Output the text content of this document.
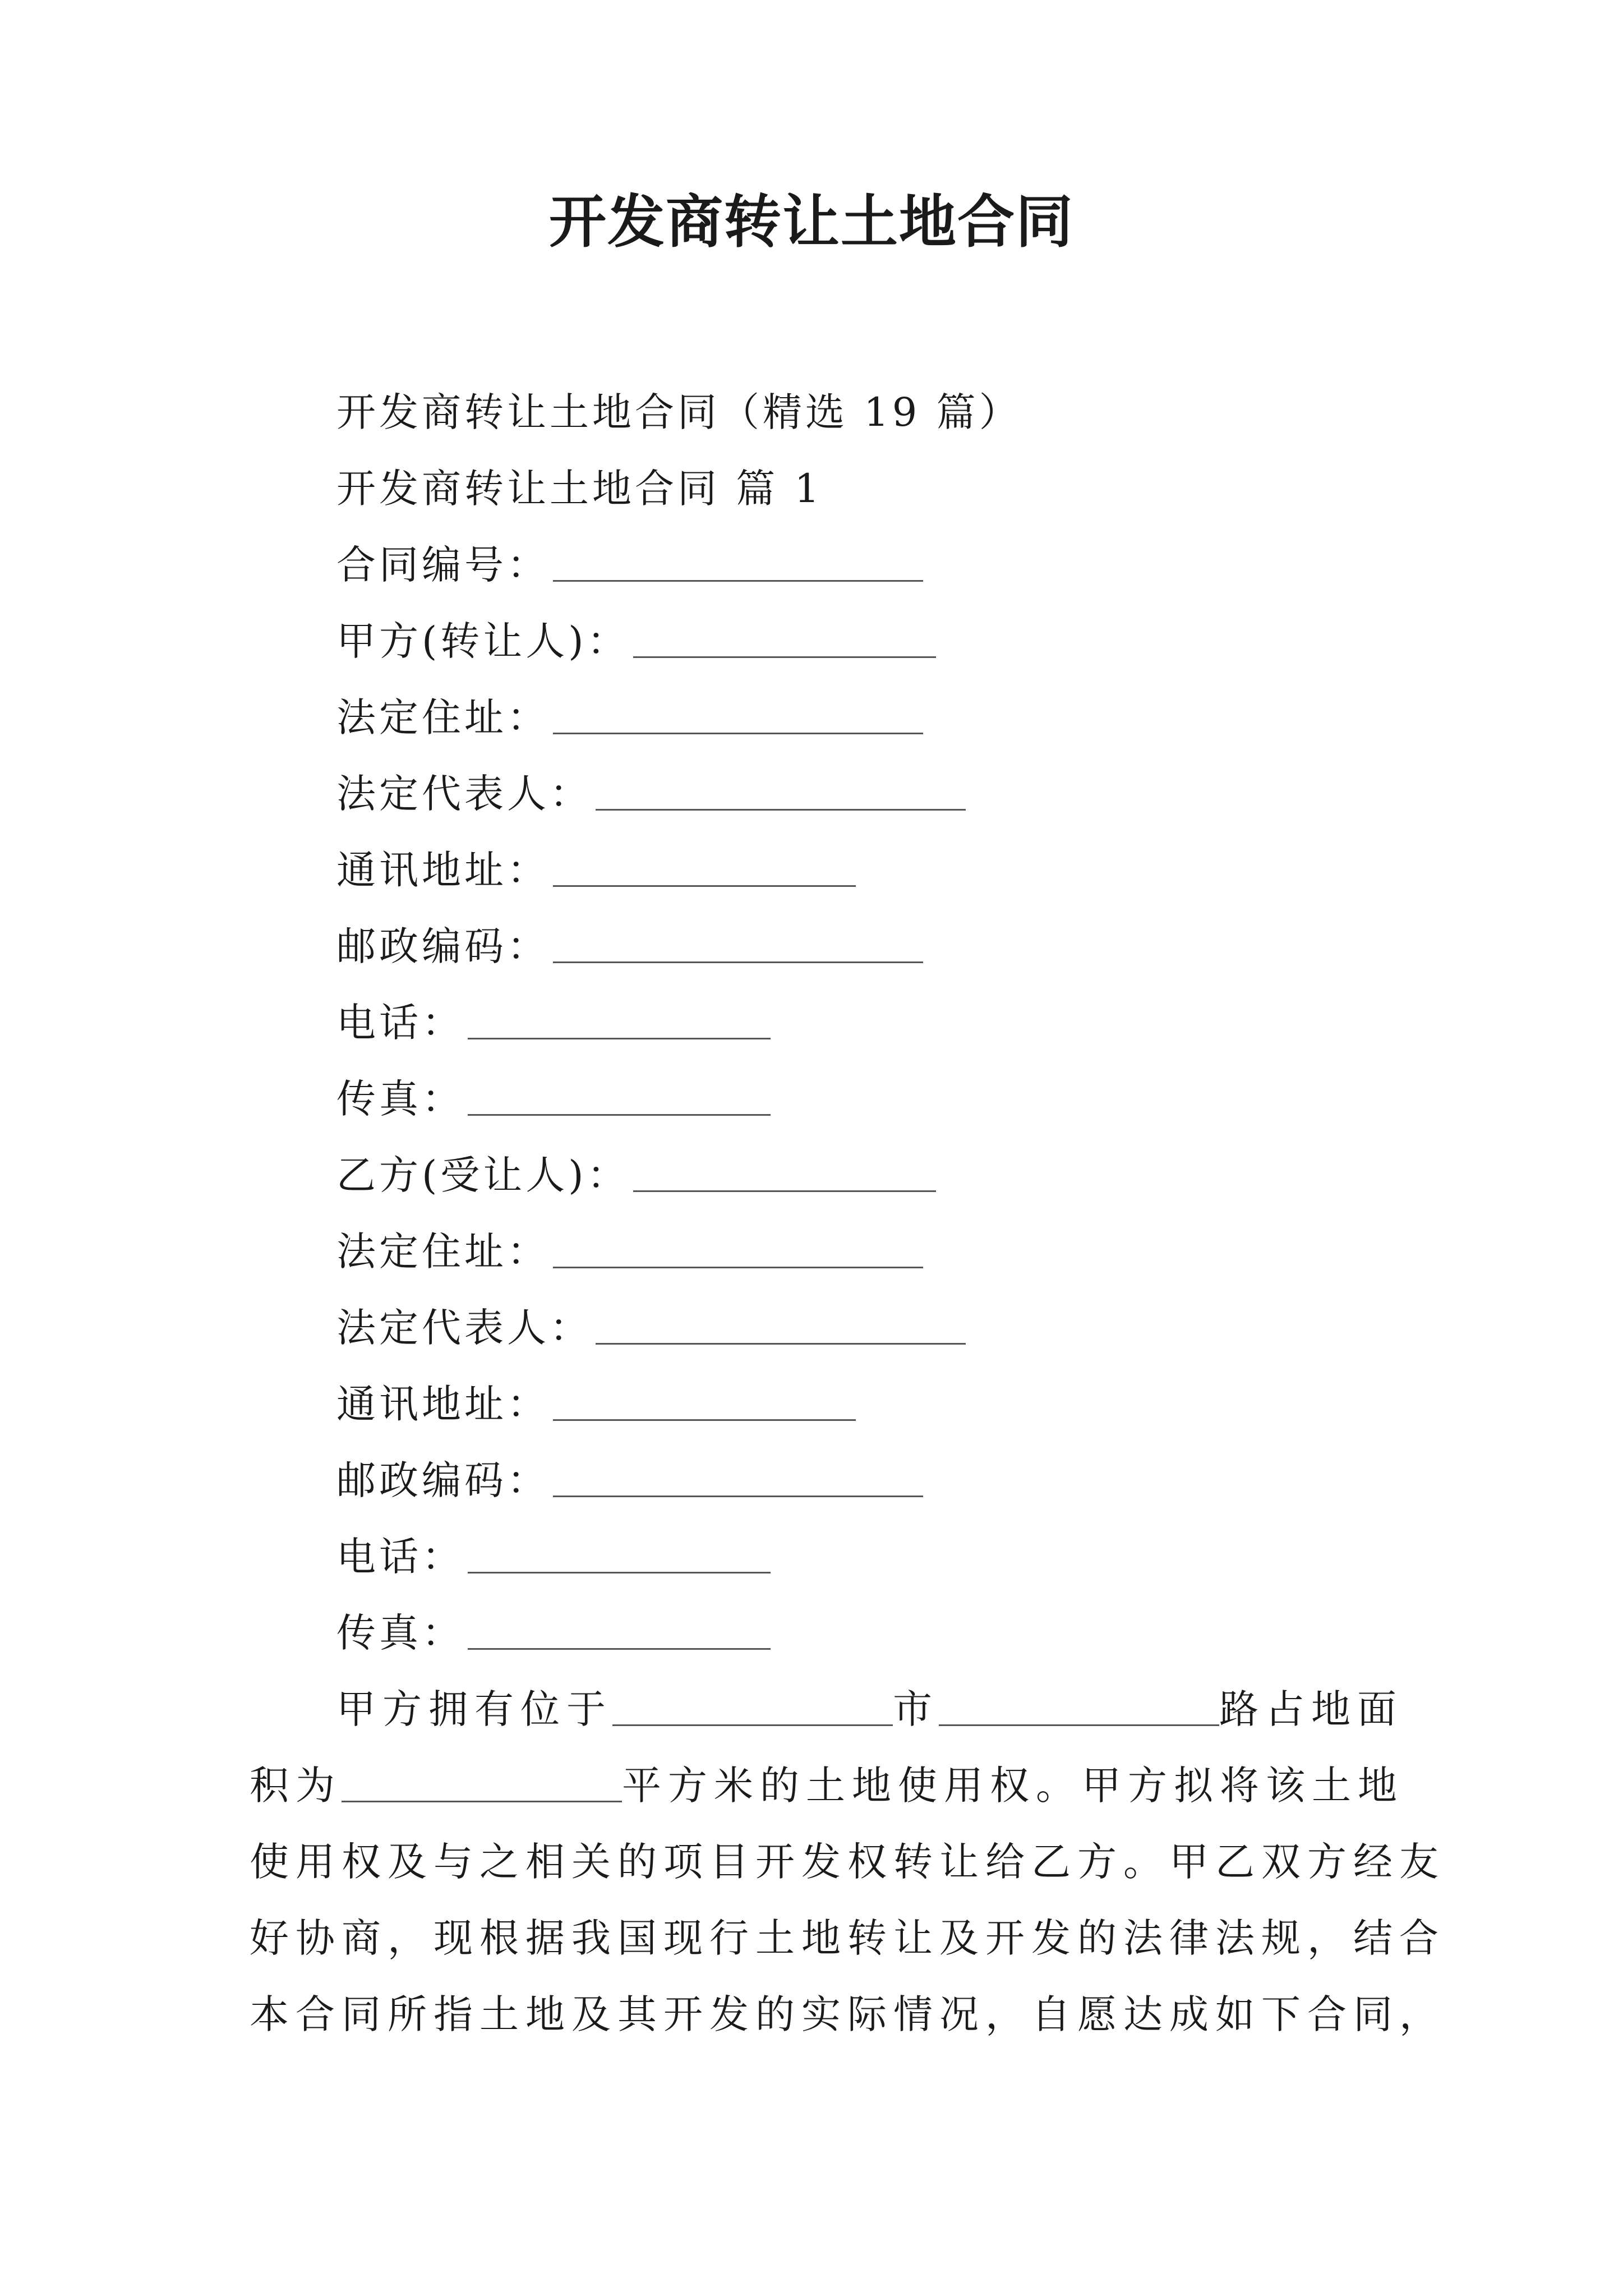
开发商转让土地合同
开发商转让土地合同（精选 19 篇）
开发商转让土地合同 篇 1
合同编号：
甲方(转让人)：
法定住址：
法定代表人：
通讯地址：
邮政编码：
电话：
传真：
乙方(受让人)：
法定住址：
法定代表人：
通讯地址：
邮政编码：
电话：
传真：
甲方拥有位于	市	路占地面
积为	平方米的土地使用权。甲方拟将该土地
使用权及与之相关的项目开发权转让给乙方。甲乙双方经友
好协商，现根据我国现行土地转让及开发的法律法规，结合
本合同所指土地及其开发的实际情况，自愿达成如下合同，
